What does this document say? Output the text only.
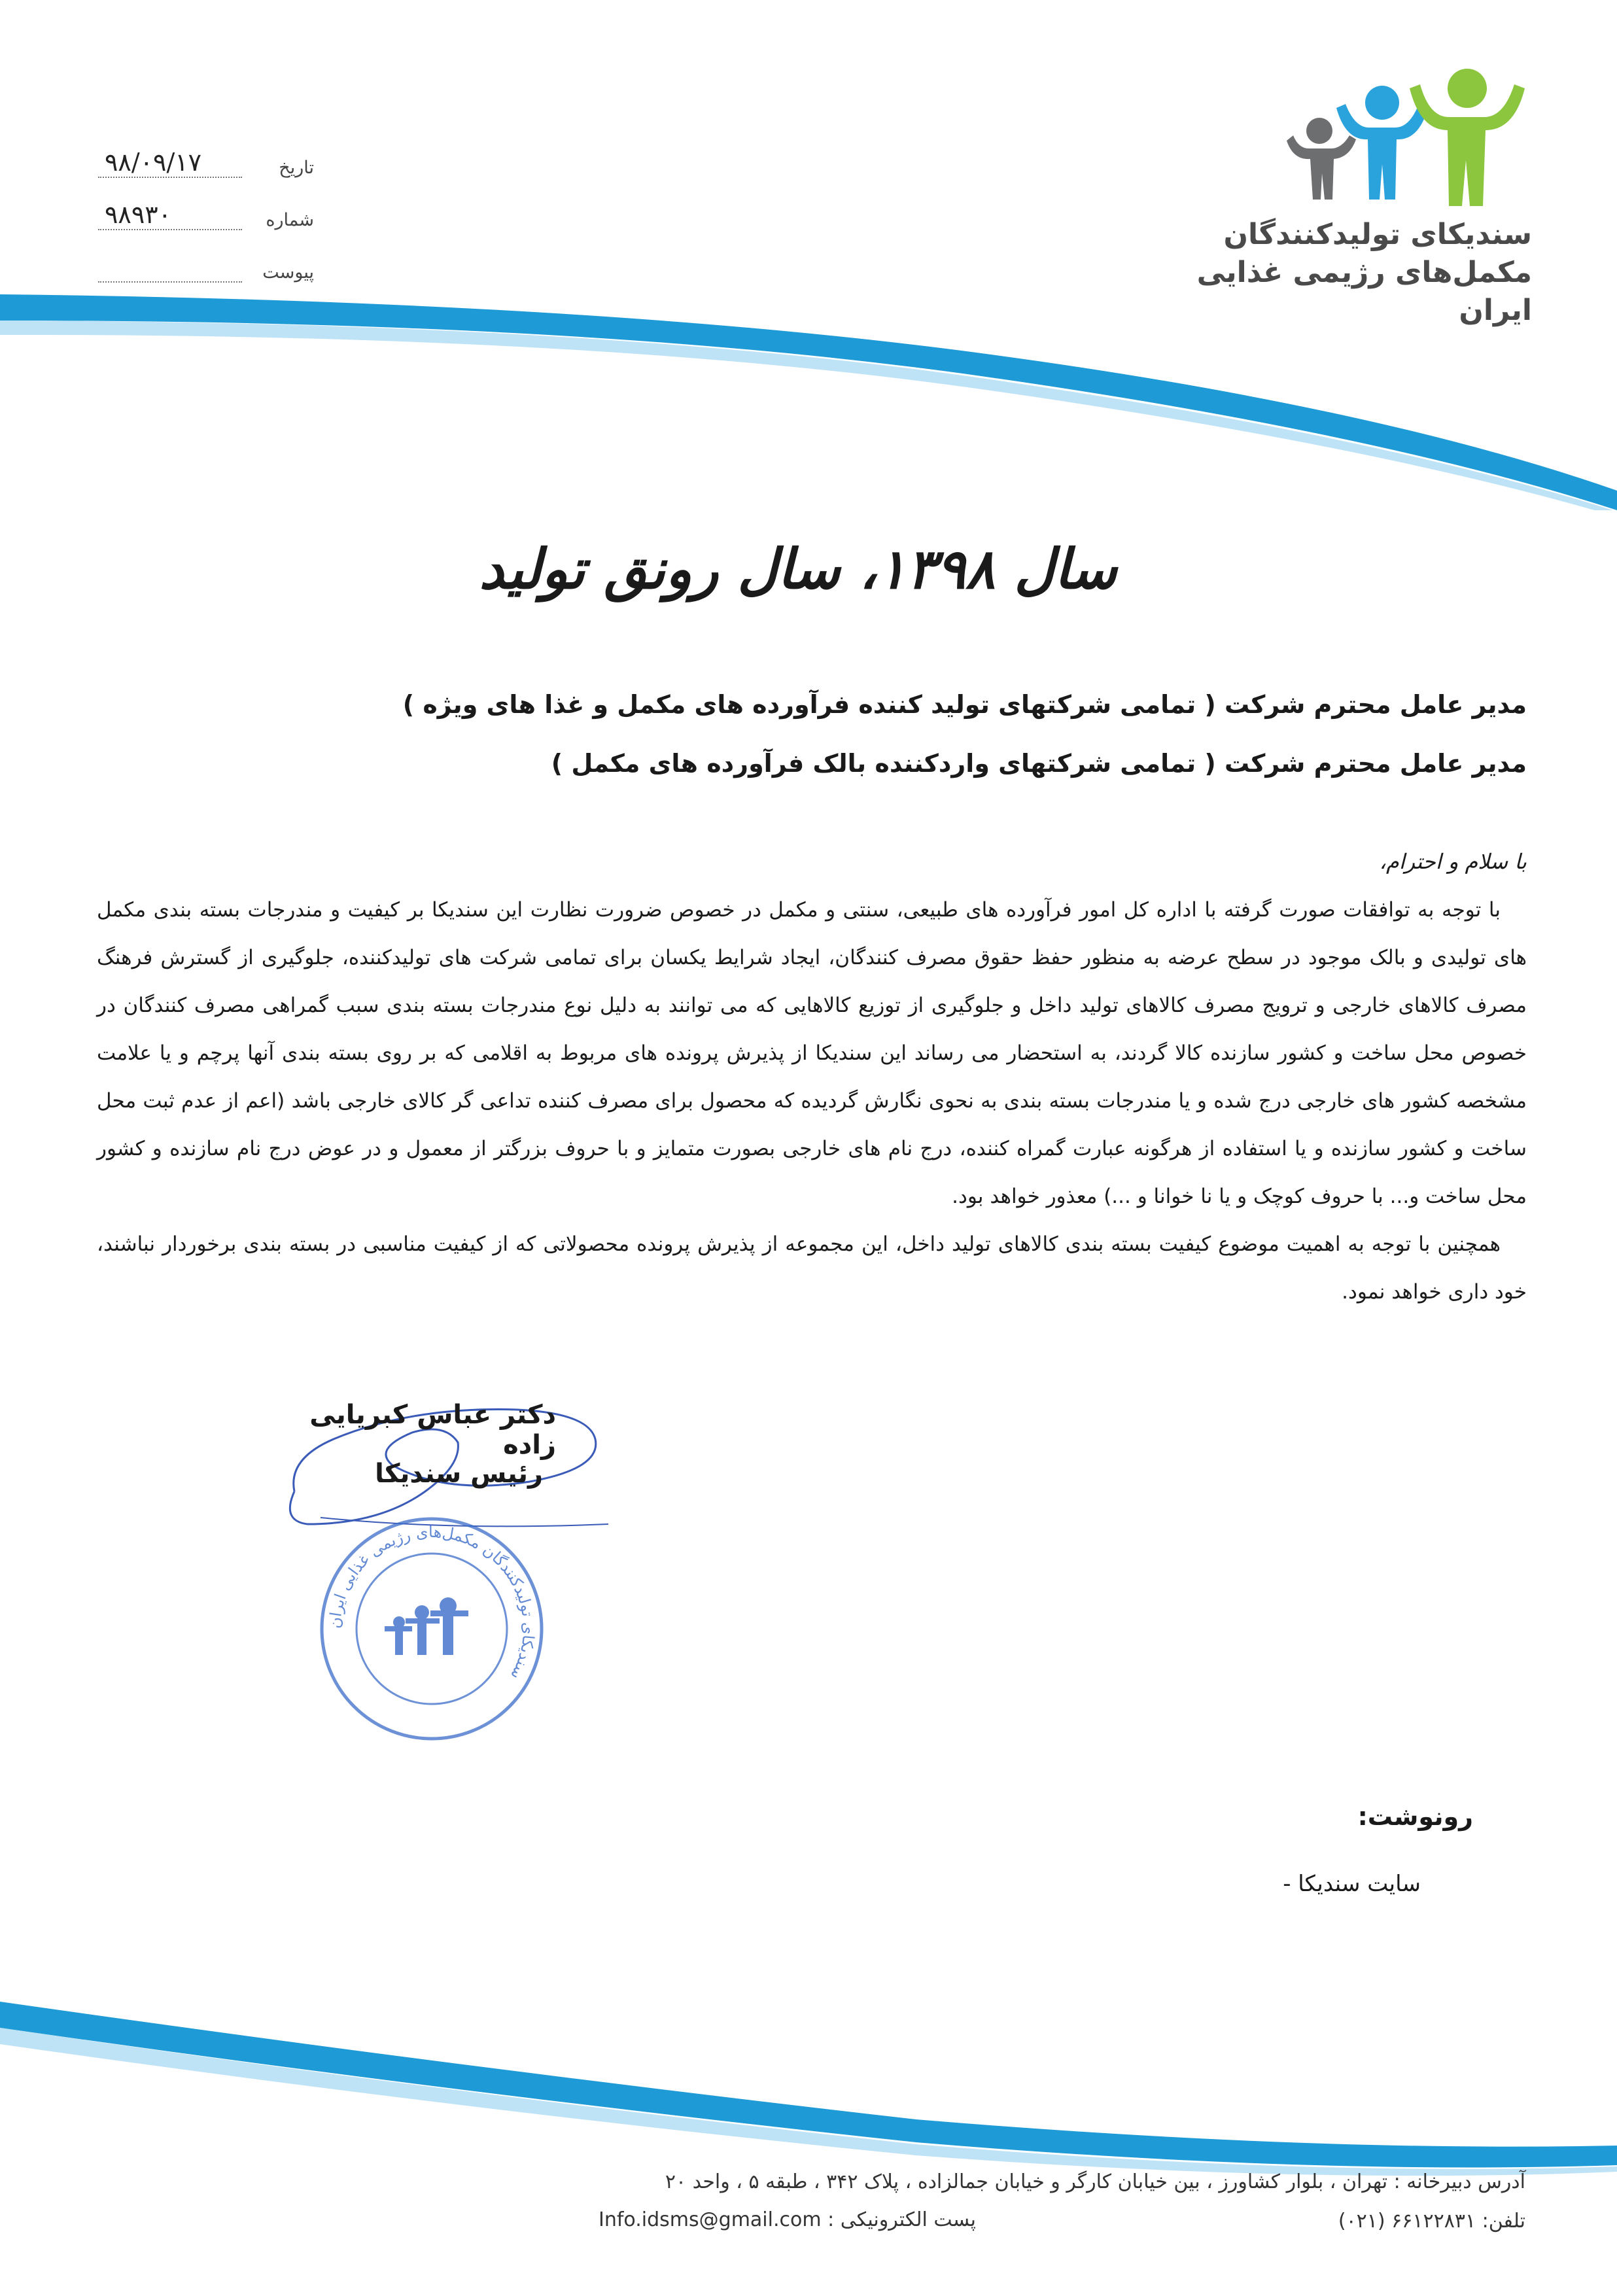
تاریخ
۹۸/۰۹/۱۷
شماره
۹۸۹۳۰
پیوست
سندیکای تولیدکنندگان
مکمل‌های رژیمی غذایی
ایران
سال ۱۳۹۸، سال رونق تولید
مدیر عامل محترم شرکت ( تمامی شرکتهای تولید کننده فرآورده های مکمل و غذا های ویژه )
مدیر عامل محترم شرکت ( تمامی شرکتهای واردکننده بالک فرآورده های مکمل )
با سلام و احترام،

با توجه به توافقات صورت گرفته با اداره کل امور فرآورده های طبیعی، سنتی و مکمل در خصوص ضرورت نظارت این سندیکا بر کیفیت و مندرجات بسته بندی مکمل های تولیدی و بالک موجود در سطح عرضه به منظور حفظ حقوق مصرف کنندگان، ایجاد شرایط یکسان برای تمامی شرکت های تولیدکننده، جلوگیری از گسترش فرهنگ مصرف کالاهای خارجی و ترویج مصرف کالاهای تولید داخل و جلوگیری از توزیع کالاهایی که می توانند به دلیل نوع مندرجات بسته بندی سبب گمراهی مصرف کنندگان در خصوص محل ساخت و کشور سازنده کالا گردند، به استحضار می رساند این سندیکا از پذیرش پرونده های مربوط به اقلامی که بر روی بسته بندی آنها پرچم و یا علامت مشخصه کشور های خارجی درج شده و یا مندرجات بسته بندی به نحوی نگارش گردیده که محصول برای مصرف کننده تداعی گر کالای خارجی باشد (اعم از عدم ثبت محل ساخت و کشور سازنده و یا استفاده از هرگونه عبارت گمراه کننده، درج نام های خارجی بصورت متمایز و با حروف بزرگتر از معمول و در عوض درج نام سازنده و کشور محل ساخت و... با حروف کوچک و یا نا خوانا و ...) معذور خواهد بود.

همچنین با توجه به اهمیت موضوع کیفیت بسته بندی کالاهای تولید داخل، این مجموعه از پذیرش پرونده محصولاتی که از کیفیت مناسبی در بسته بندی برخوردار نباشند، خود داری خواهد نمود.

دکتر عباس کبریایی زاده
رئیس سندیکا
سندیکای تولیدکنندگان مکمل‌های رژیمی غذایی ایران
رونوشت:
سایت سندیکا -
آدرس دبیرخانه : تهران ، بلوار کشاورز ، بین خیابان کارگر و خیابان جمالزاده ، پلاک ۳۴۲ ، طبقه ۵ ، واحد ۲۰
تلفن: ۶۶۱۲۲۸۳۱ (۰۲۱)
پست الکترونیکی : Info.idsms@gmail.com
